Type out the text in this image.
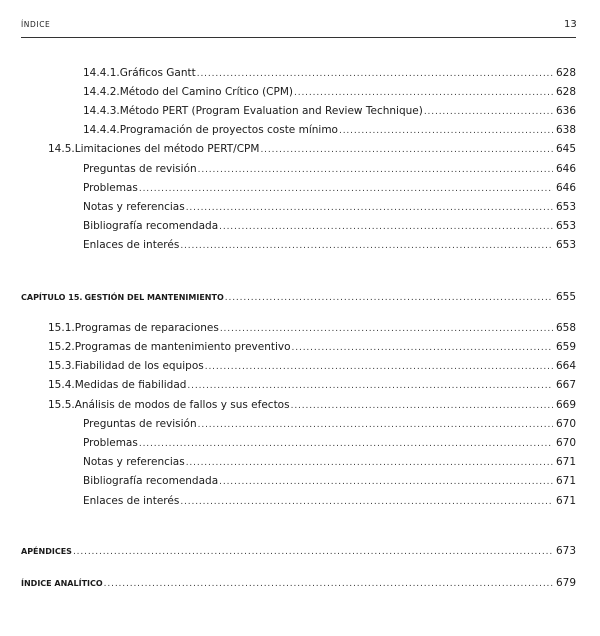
ÍNDICE	13
14.4.1. Gráficos Gantt . . .	628
14.4.2. Método del Camino Crítico (CPM) . . .	628
14.4.3. Método PERT (Program Evaluation and Review Technique) . . .	636
14.4.4. Programación de proyectos coste mínimo . . .	638
14.5. Limitaciones del método PERT/CPM . . .	645
Preguntas de revisión . . .	646
Problemas . . .	646
Notas y referencias . . .	653
Bibliografía recomendada . . .	653
Enlaces de interés . . .	653
CAPÍTULO 15. GESTIÓN DEL MANTENIMIENTO . . .	655
15.1. Programas de reparaciones . . .	658
15.2. Programas de mantenimiento preventivo . . .	659
15.3. Fiabilidad de los equipos . . .	664
15.4. Medidas de fiabilidad . . .	667
15.5. Análisis de modos de fallos y sus efectos . . .	669
Preguntas de revisión . . .	670
Problemas . . .	670
Notas y referencias . . .	671
Bibliografía recomendada . . .	671
Enlaces de interés . . .	671
APÉNDICES . . .	673
ÍNDICE ANALÍTICO . . .	679
